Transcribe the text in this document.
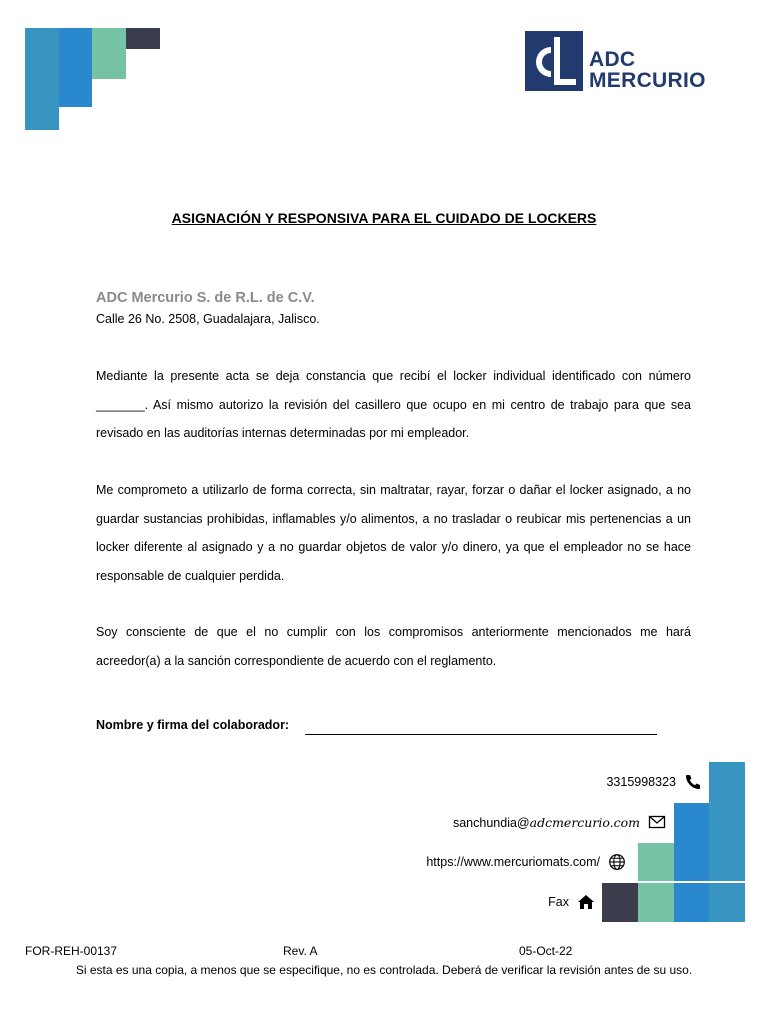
ADC
MERCURIO
ASIGNACIÓN Y RESPONSIVA PARA EL CUIDADO DE LOCKERS
ADC Mercurio S. de R.L. de C.V.
Calle 26 No. 2508, Guadalajara, Jalisco.
Mediante la presente acta se deja constancia que recibí el locker individual identificado con número _______. Así mismo autorizo la revisión del casillero que ocupo en mi centro de trabajo para que sea revisado en las auditorías internas determinadas por mi empleador.
Me comprometo a utilizarlo de forma correcta, sin maltratar, rayar, forzar o dañar el locker asignado, a no guardar sustancias prohibidas, inflamables y/o alimentos, a no trasladar o reubicar mis pertenencias a un locker diferente al asignado y a no guardar objetos de valor y/o dinero, ya que el empleador no se hace responsable de cualquier perdida.
Soy consciente de que el no cumplir con los compromisos anteriormente mencionados me hará acreedor(a) a la sanción correspondiente de acuerdo con el reglamento.
Nombre y firma del colaborador:
3315998323
sanchundia@adcmercurio.com
https://www.mercuriomats.com/
Fax
FOR-REH-00137	Rev. A	05-Oct-22
Si esta es una copia, a menos que se especifique, no es controlada. Deberá de verificar la revisión antes de su uso.
